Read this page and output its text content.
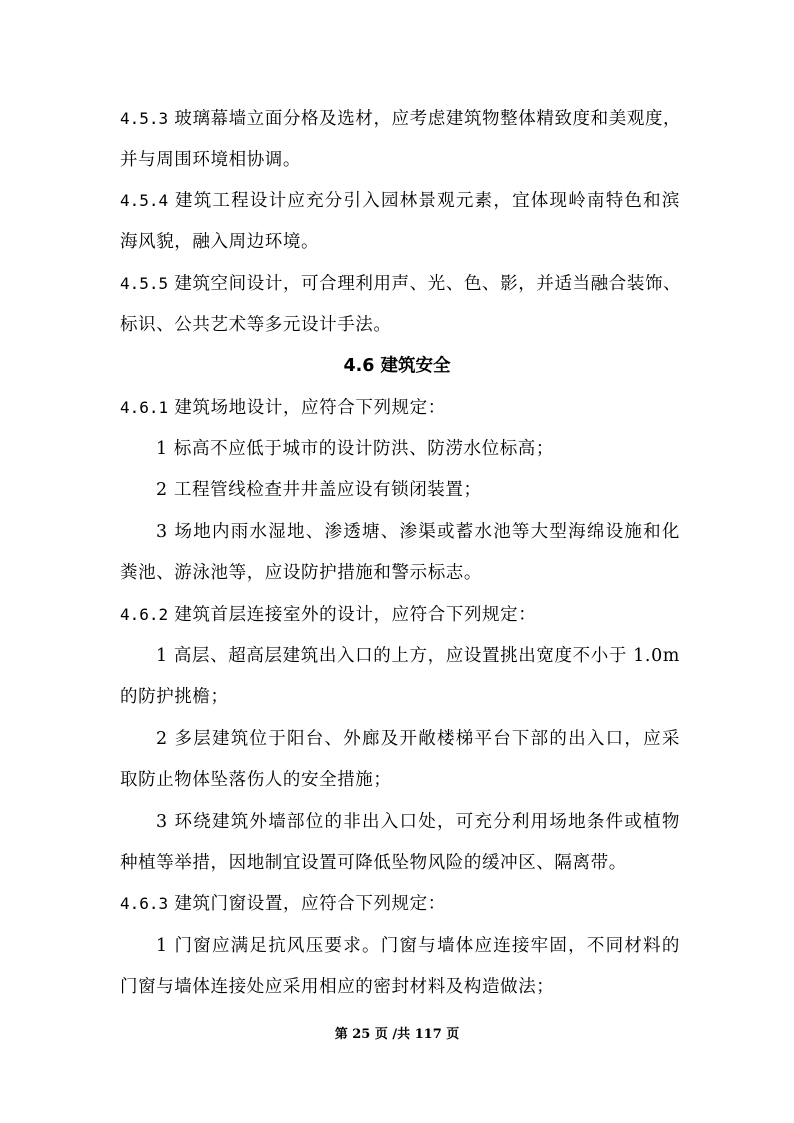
4.5.3 玻璃幕墙立面分格及选材，应考虑建筑物整体精致度和美观度，
并与周围环境相协调。
4.5.4 建筑工程设计应充分引入园林景观元素，宜体现岭南特色和滨
海风貌，融入周边环境。
4.5.5 建筑空间设计，可合理利用声、光、色、影，并适当融合装饰、
标识、公共艺术等多元设计手法。
4.6 建筑安全
4.6.1 建筑场地设计，应符合下列规定：
1 标高不应低于城市的设计防洪、防涝水位标高；
2 工程管线检查井井盖应设有锁闭装置；
3 场地内雨水湿地、渗透塘、渗渠或蓄水池等大型海绵设施和化
粪池、游泳池等，应设防护措施和警示标志。
4.6.2 建筑首层连接室外的设计，应符合下列规定：
1 高层、超高层建筑出入口的上方，应设置挑出宽度不小于 1.0m
的防护挑檐；
2 多层建筑位于阳台、外廊及开敞楼梯平台下部的出入口，应采
取防止物体坠落伤人的安全措施；
3 环绕建筑外墙部位的非出入口处，可充分利用场地条件或植物
种植等举措，因地制宜设置可降低坠物风险的缓冲区、隔离带。
4.6.3 建筑门窗设置，应符合下列规定：
1 门窗应满足抗风压要求。门窗与墙体应连接牢固，不同材料的
门窗与墙体连接处应采用相应的密封材料及构造做法；
第 25 页 /共 117 页
